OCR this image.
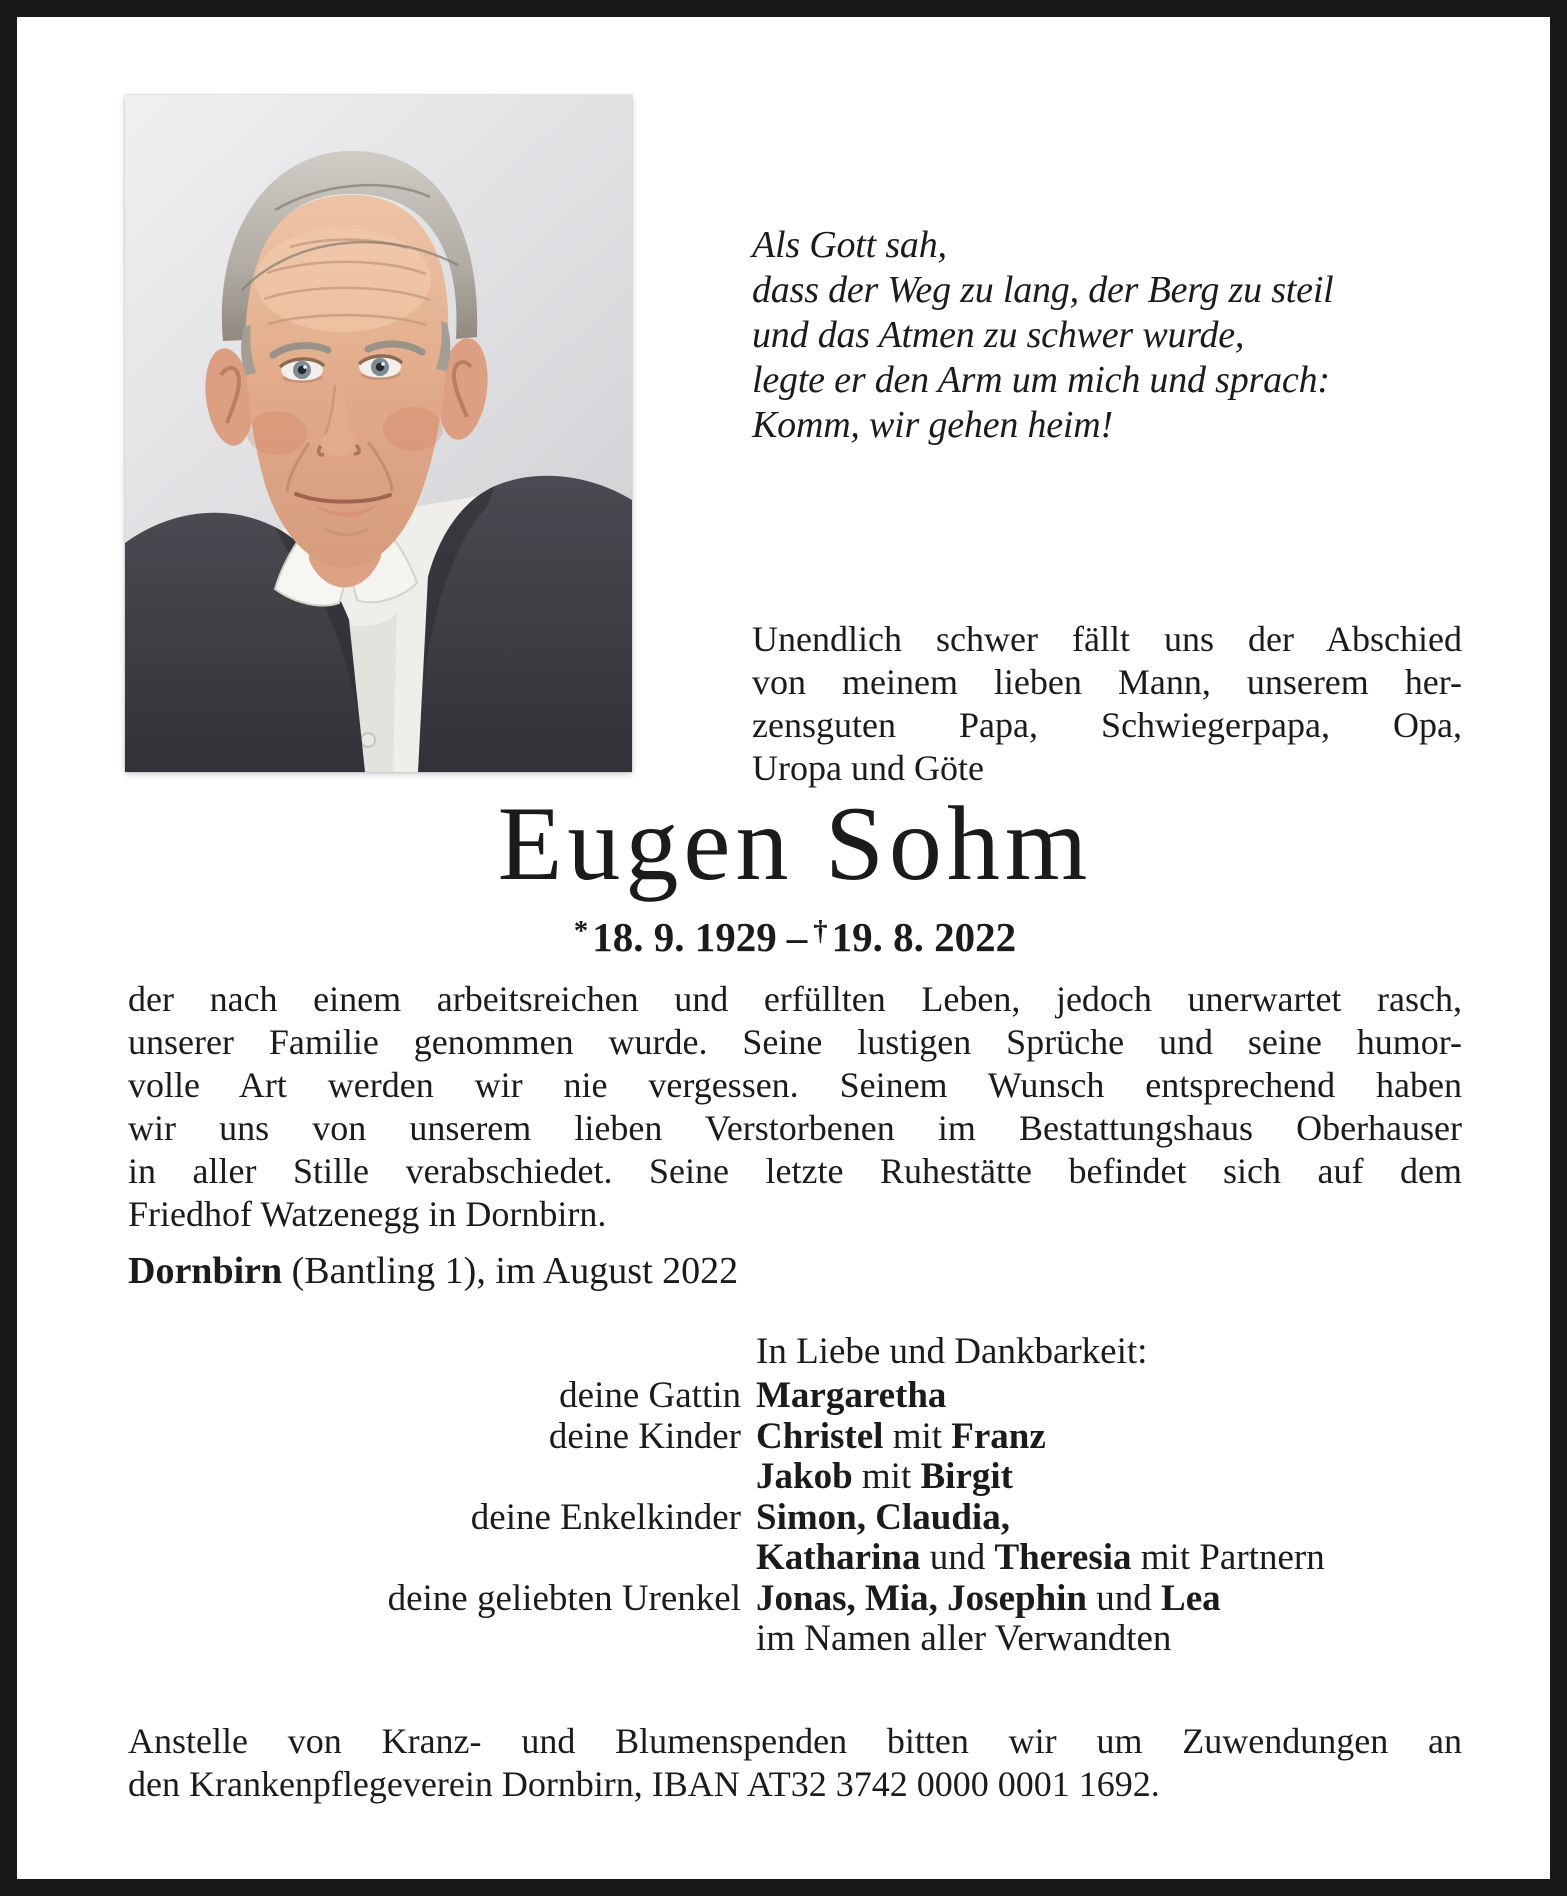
Als Gott sah,
dass der Weg zu lang, der Berg zu steil
und das Atmen zu schwer wurde,
legte er den Arm um mich und sprach:
Komm, wir gehen heim!
Unendlich schwer fällt uns der Abschied
von meinem lieben Mann, unserem her-
zensguten Papa, Schwiegerpapa, Opa,
Uropa und Göte
Eugen Sohm
*18. 9. 1929 – †19. 8. 2022
der nach einem arbeitsreichen und erfüllten Leben, jedoch unerwartet rasch,
unserer Familie genommen wurde. Seine lustigen Sprüche und seine humor-
volle Art werden wir nie vergessen. Seinem Wunsch entsprechend haben
wir uns von unserem lieben Verstorbenen im Bestattungshaus Oberhauser
in aller Stille verabschiedet. Seine letzte Ruhestätte befindet sich auf dem
Friedhof Watzenegg in Dornbirn.
Dornbirn (Bantling 1), im August 2022
In Liebe und Dankbarkeit:
deine Gattin Margaretha
deine Kinder Christel mit Franz
Jakob mit Birgit
deine Enkelkinder Simon, Claudia,
Katharina und Theresia mit Partnern
deine geliebten Urenkel Jonas, Mia, Josephin und Lea
im Namen aller Verwandten
Anstelle von Kranz- und Blumenspenden bitten wir um Zuwendungen an
den Krankenpflegeverein Dornbirn, IBAN AT32 3742 0000 0001 1692.
